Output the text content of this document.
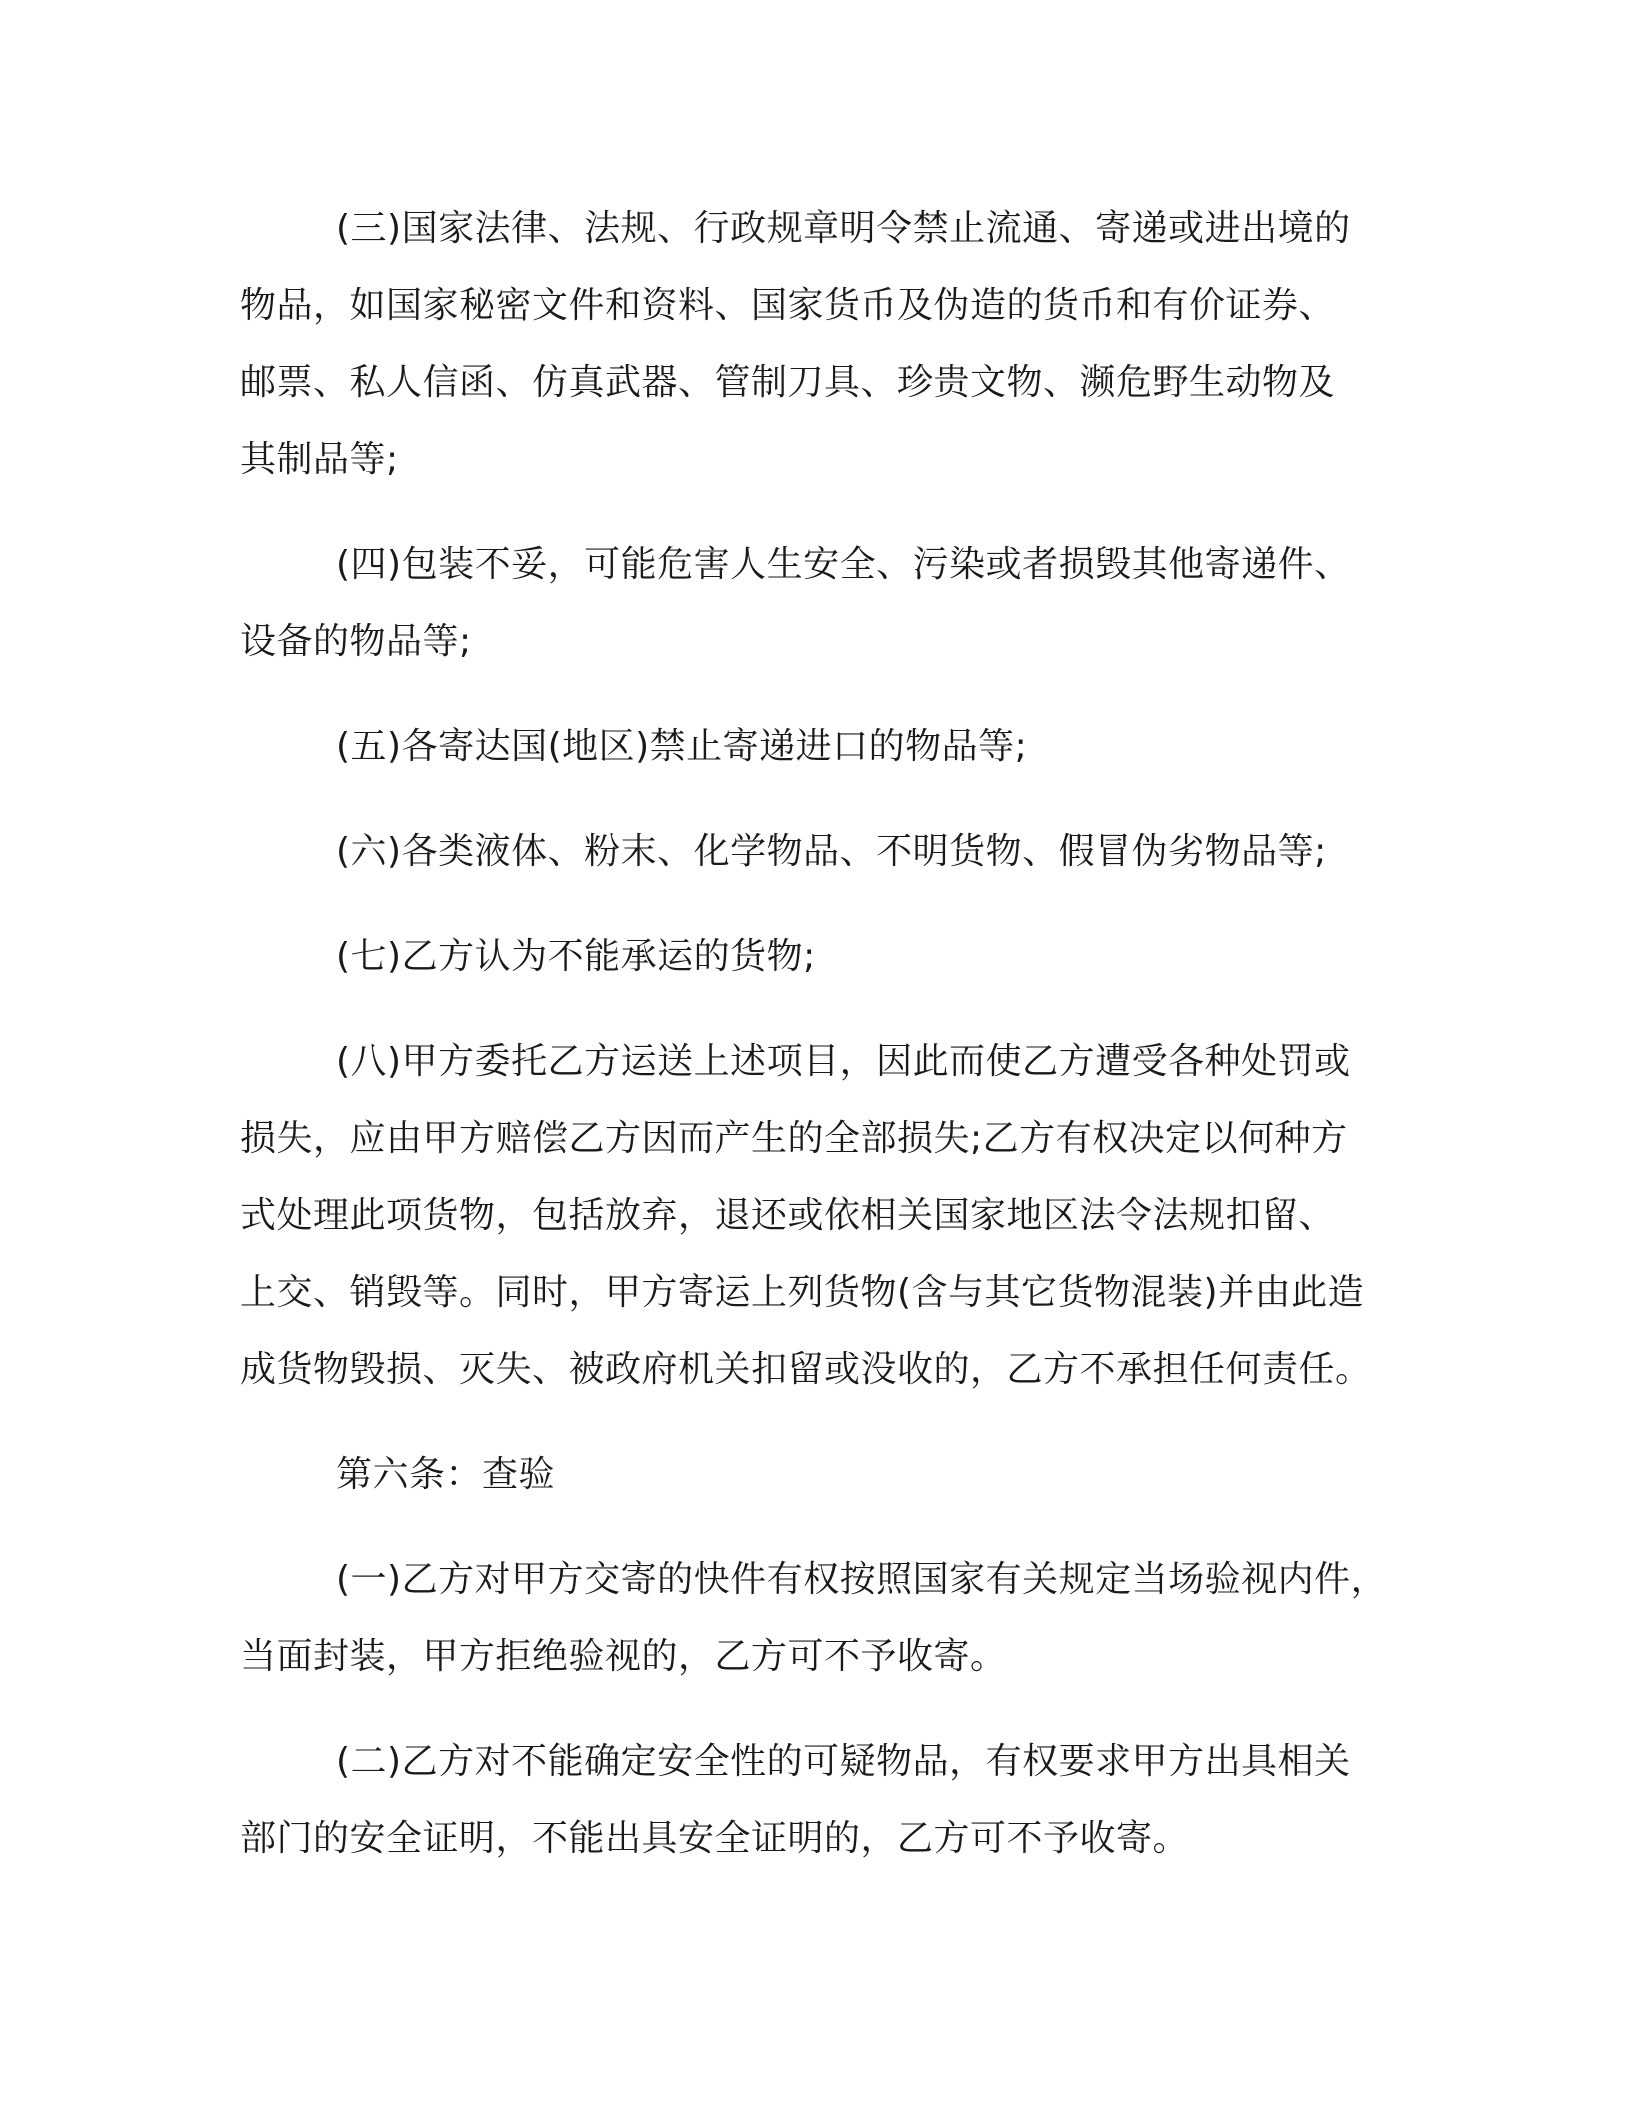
(三)国家法律、法规、行政规章明令禁止流通、寄递或进出境的
物品，如国家秘密文件和资料、国家货币及伪造的货币和有价证券、
邮票、私人信函、仿真武器、管制刀具、珍贵文物、濒危野生动物及
其制品等;

(四)包装不妥，可能危害人生安全、污染或者损毁其他寄递件、
设备的物品等;

(五)各寄达国(地区)禁止寄递进口的物品等;

(六)各类液体、粉末、化学物品、不明货物、假冒伪劣物品等;

(七)乙方认为不能承运的货物;

(八)甲方委托乙方运送上述项目，因此而使乙方遭受各种处罚或
损失，应由甲方赔偿乙方因而产生的全部损失;乙方有权决定以何种方
式处理此项货物，包括放弃，退还或依相关国家地区法令法规扣留、
上交、销毁等。同时，甲方寄运上列货物(含与其它货物混装)并由此造
成货物毁损、灭失、被政府机关扣留或没收的，乙方不承担任何责任。

第六条：查验

(一)乙方对甲方交寄的快件有权按照国家有关规定当场验视内件，
当面封装，甲方拒绝验视的，乙方可不予收寄。

(二)乙方对不能确定安全性的可疑物品，有权要求甲方出具相关
部门的安全证明，不能出具安全证明的，乙方可不予收寄。
